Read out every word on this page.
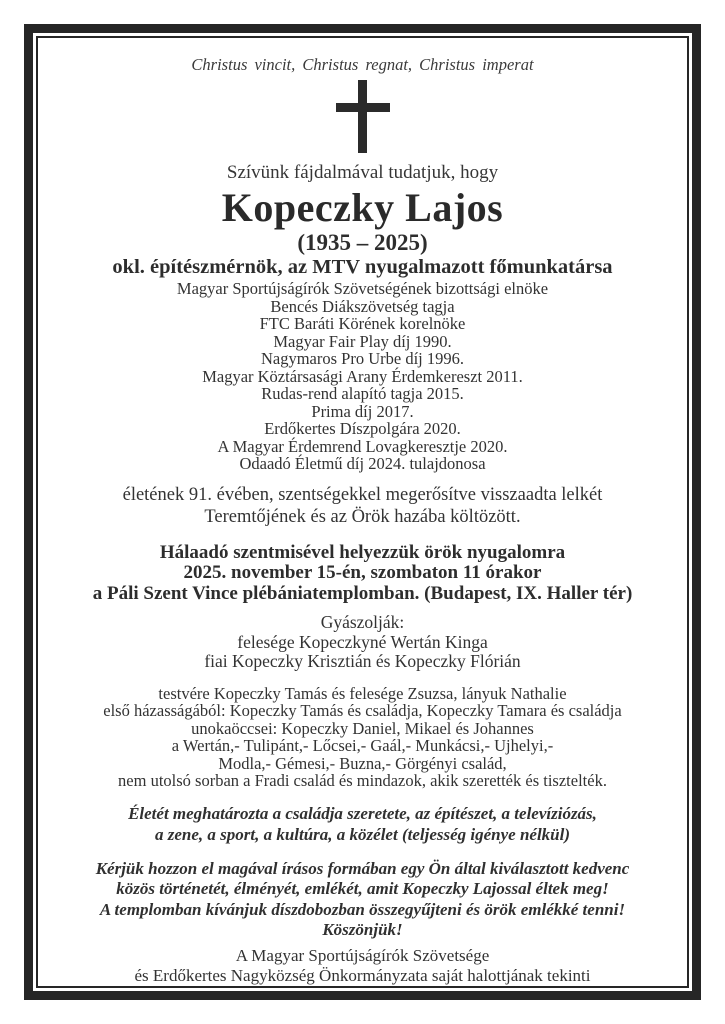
Christus vincit, Christus regnat, Christus imperat
Szívünk fájdalmával tudatjuk, hogy
Kopeczky Lajos
(1935 – 2025)
okl. építészmérnök, az MTV nyugalmazott főmunkatársa
Magyar Sportújságírók Szövetségének bizottsági elnöke
Bencés Diákszövetség tagja
FTC Baráti Körének korelnöke
Magyar Fair Play díj 1990.
Nagymaros Pro Urbe díj 1996.
Magyar Köztársasági Arany Érdemkereszt 2011.
Rudas-rend alapító tagja 2015.
Prima díj 2017.
Erdőkertes Díszpolgára 2020.
A Magyar Érdemrend Lovagkeresztje 2020.
Odaadó Életmű díj 2024. tulajdonosa
életének 91. évében, szentségekkel megerősítve visszaadta lelkét
Teremtőjének és az Örök hazába költözött.
Hálaadó szentmisével helyezzük örök nyugalomra
2025. november 15-én, szombaton 11 órakor
a Páli Szent Vince plébániatemplomban. (Budapest, IX. Haller tér)
Gyászolják:
felesége Kopeczkyné Wertán Kinga
fiai Kopeczky Krisztián és Kopeczky Flórián
testvére Kopeczky Tamás és felesége Zsuzsa, lányuk Nathalie
első házasságából: Kopeczky Tamás és családja, Kopeczky Tamara és családja
unokaöccsei: Kopeczky Daniel, Mikael és Johannes
a Wertán,- Tulipánt,- Lőcsei,- Gaál,- Munkácsi,- Ujhelyi,-
Modla,- Gémesi,- Buzna,- Görgényi család,
nem utolsó sorban a Fradi család és mindazok, akik szerették és tisztelték.
Életét meghatározta a családja szeretete, az építészet, a televíziózás,
a zene, a sport, a kultúra, a közélet (teljesség igénye nélkül)
Kérjük hozzon el magával írásos formában egy Ön által kiválasztott kedvenc
közös történetét, élményét, emlékét, amit Kopeczky Lajossal éltek meg!
A templomban kívánjuk díszdobozban összegyűjteni és örök emlékké tenni!
Köszönjük!
A Magyar Sportújságírók Szövetsége
és Erdőkertes Nagyközség Önkormányzata saját halottjának tekinti
